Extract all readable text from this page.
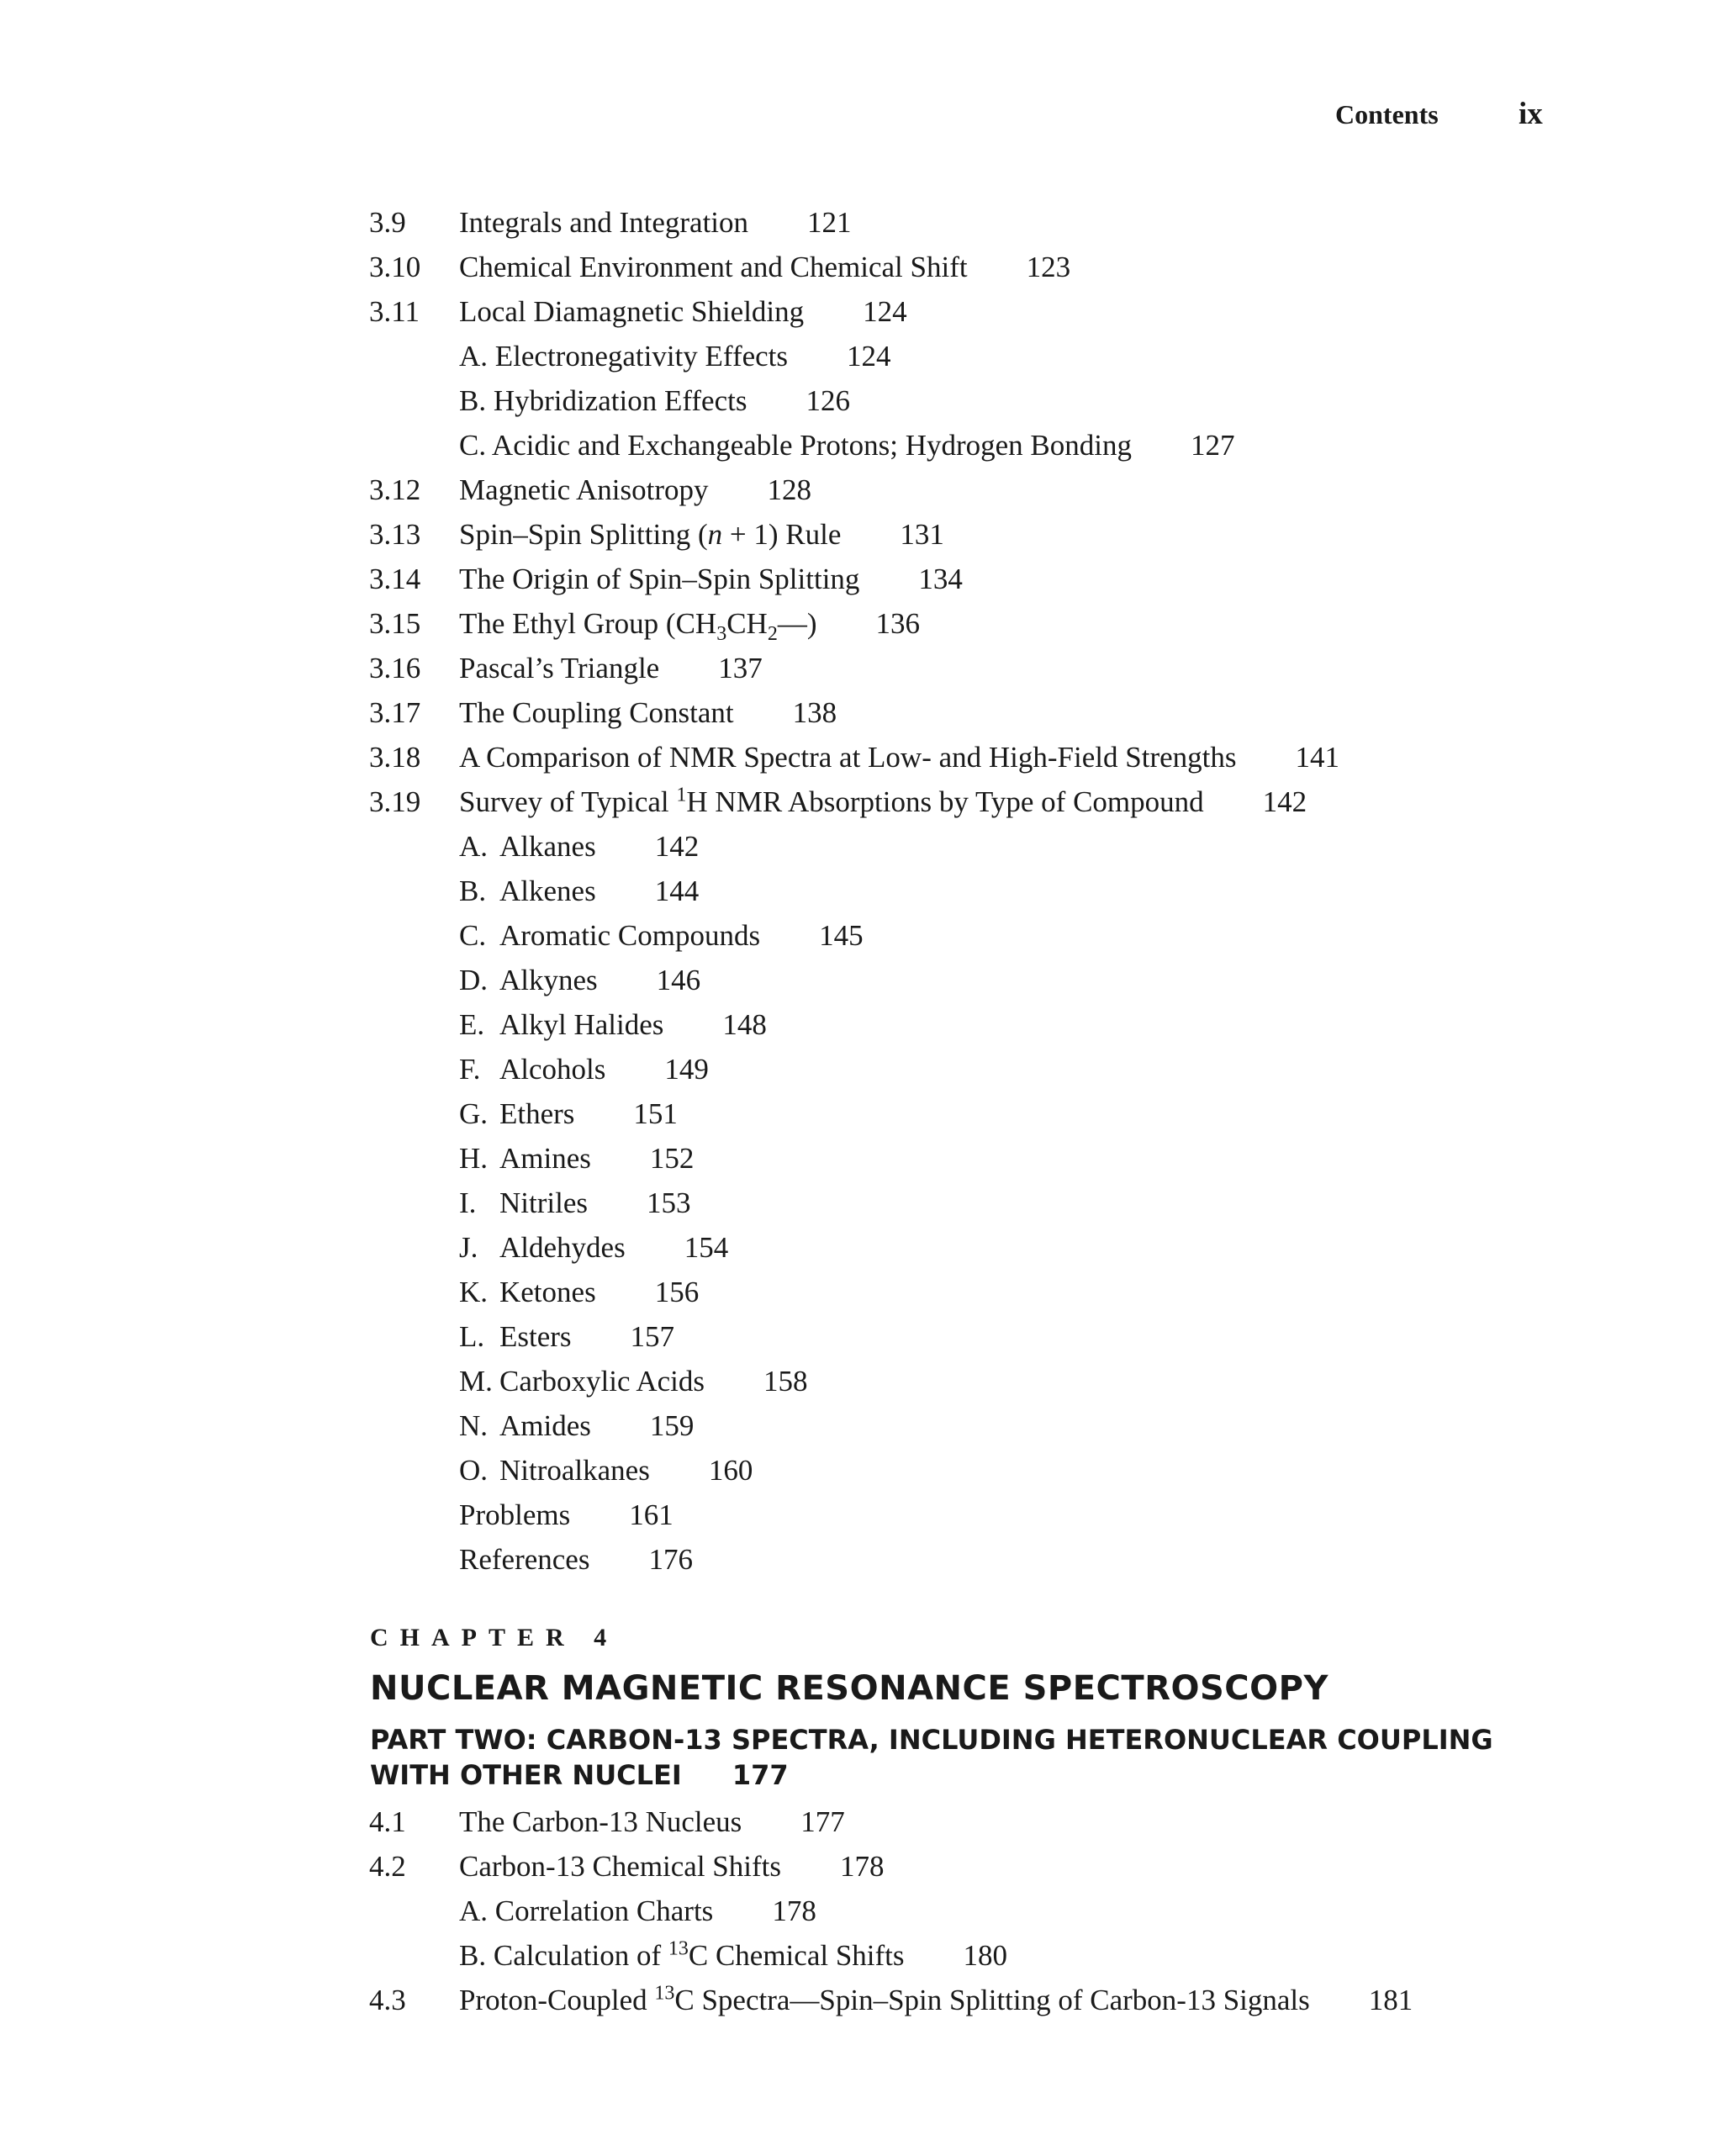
Contents	ix
3.9 Integrals and Integration 121
3.10 Chemical Environment and Chemical Shift 123
3.11 Local Diamagnetic Shielding 124
A. Electronegativity Effects 124
B. Hybridization Effects 126
C. Acidic and Exchangeable Protons; Hydrogen Bonding 127
3.12 Magnetic Anisotropy 128
3.13 Spin–Spin Splitting (n + 1) Rule 131
3.14 The Origin of Spin–Spin Splitting 134
3.15 The Ethyl Group $(CH_3CH_2—)$ 136
3.16 Pascal’s Triangle 137
3.17 The Coupling Constant 138
3.18 A Comparison of NMR Spectra at Low- and High-Field Strengths 141
3.19 Survey of Typical $^1$H NMR Absorptions by Type of Compound 142
A. Alkanes 142
B. Alkenes 144
C. Aromatic Compounds 145
D. Alkynes 146
E. Alkyl Halides 148
F. Alcohols 149
G. Ethers 151
H. Amines 152
I. Nitriles 153
J. Aldehydes 154
K. Ketones 156
L. Esters 157
M. Carboxylic Acids 158
N. Amides 159
O. Nitroalkanes 160
Problems 161
References 176
CHAPTER 4
NUCLEAR MAGNETIC RESONANCE SPECTROSCOPY
PART TWO: CARBON-13 SPECTRA, INCLUDING HETERONUCLEAR COUPLING WITH OTHER NUCLEI 177
4.1 The Carbon-13 Nucleus 177
4.2 Carbon-13 Chemical Shifts 178
A. Correlation Charts 178
B. Calculation of $^{13}$C Chemical Shifts 180
4.3 Proton-Coupled $^{13}$C Spectra—Spin–Spin Splitting of Carbon-13 Signals 181
